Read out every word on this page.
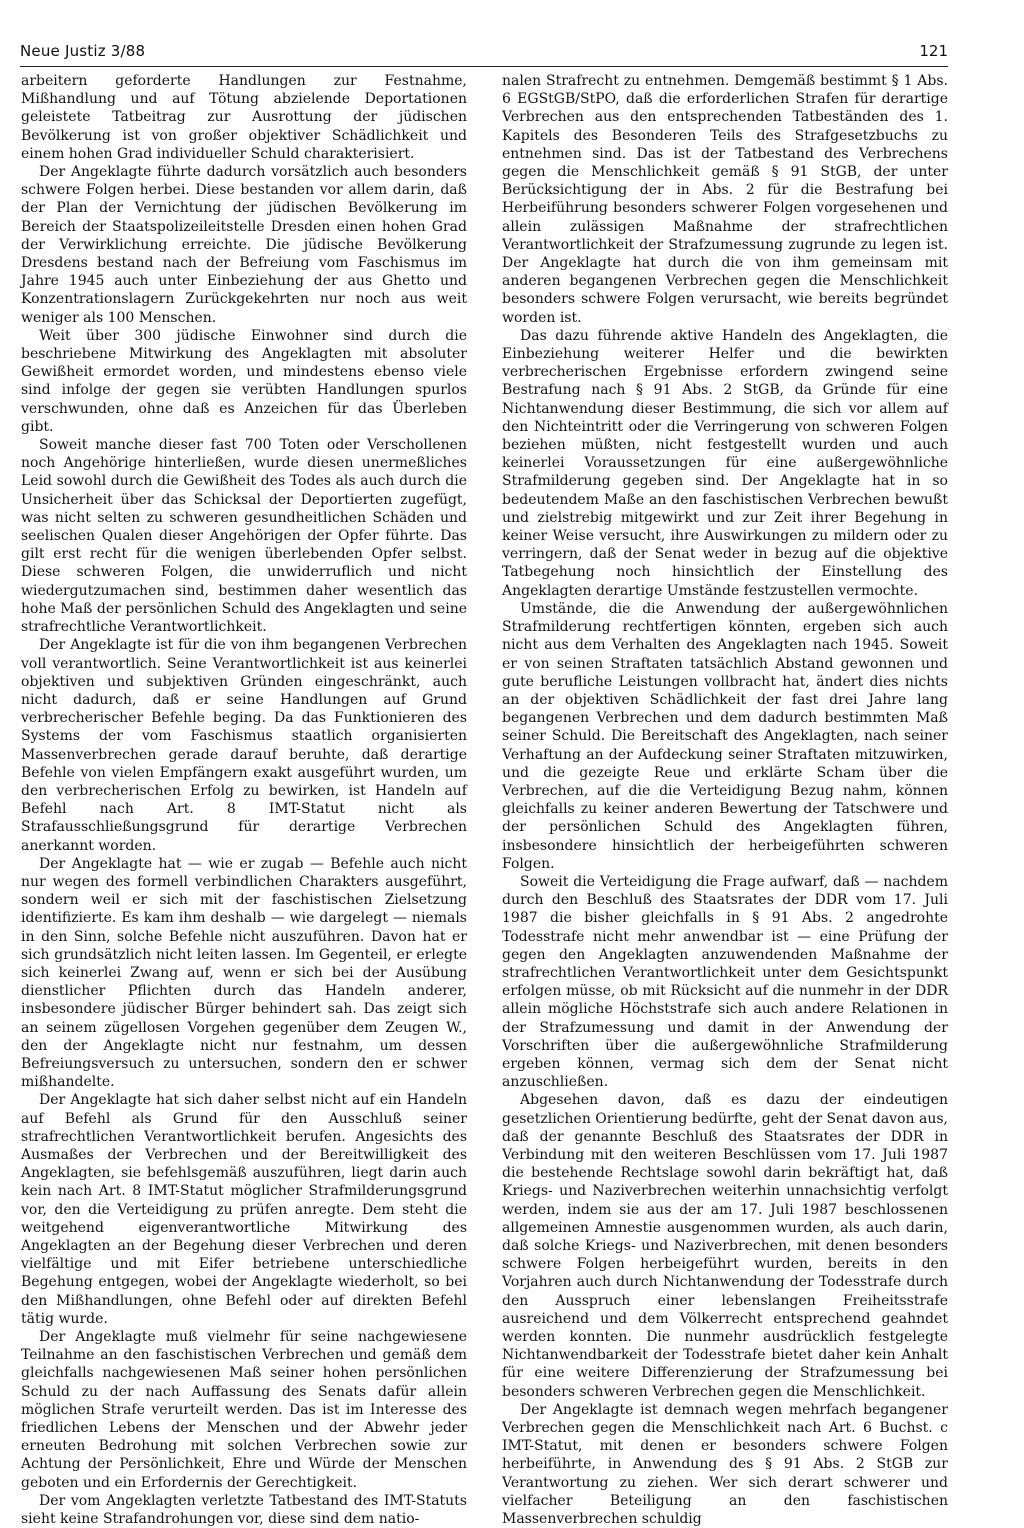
Neue Justiz 3/88	121

arbeitern geforderte Handlungen zur Festnahme, Mißhandlung und auf Tötung abzielende Deportationen geleistete Tatbeitrag zur Ausrottung der jüdischen Bevölkerung ist von großer objektiver Schädlichkeit und einem hohen Grad individueller Schuld charakterisiert.

Der Angeklagte führte dadurch vorsätzlich auch besonders schwere Folgen herbei. Diese bestanden vor allem darin, daß der Plan der Vernichtung der jüdischen Bevölkerung im Bereich der Staatspolizeileitstelle Dresden einen hohen Grad der Verwirklichung erreichte. Die jüdische Bevölkerung Dresdens bestand nach der Befreiung vom Faschismus im Jahre 1945 auch unter Einbeziehung der aus Ghetto und Konzentrationslagern Zurückgekehrten nur noch aus weit weniger als 100 Menschen.

Weit über 300 jüdische Einwohner sind durch die beschriebene Mitwirkung des Angeklagten mit absoluter Gewißheit ermordet worden, und mindestens ebenso viele sind infolge der gegen sie verübten Handlungen spurlos verschwunden, ohne daß es Anzeichen für das Überleben gibt.

Soweit manche dieser fast 700 Toten oder Verschollenen noch Angehörige hinterließen, wurde diesen unermeßliches Leid sowohl durch die Gewißheit des Todes als auch durch die Unsicherheit über das Schicksal der Deportierten zugefügt, was nicht selten zu schweren gesundheitlichen Schäden und seelischen Qualen dieser Angehörigen der Opfer führte. Das gilt erst recht für die wenigen überlebenden Opfer selbst. Diese schweren Folgen, die unwiderruflich und nicht wiedergutzumachen sind, bestimmen daher wesentlich das hohe Maß der persönlichen Schuld des Angeklagten und seine strafrechtliche Verantwortlichkeit.

Der Angeklagte ist für die von ihm begangenen Verbrechen voll verantwortlich. Seine Verantwortlichkeit ist aus keinerlei objektiven und subjektiven Gründen eingeschränkt, auch nicht dadurch, daß er seine Handlungen auf Grund verbrecherischer Befehle beging. Da das Funktionieren des Systems der vom Faschismus staatlich organisierten Massenverbrechen gerade darauf beruhte, daß derartige Befehle von vielen Empfängern exakt ausgeführt wurden, um den verbrecherischen Erfolg zu bewirken, ist Handeln auf Befehl nach Art. 8 IMT-Statut nicht als Strafausschließungsgrund für derartige Verbrechen anerkannt worden.

Der Angeklagte hat — wie er zugab — Befehle auch nicht nur wegen des formell verbindlichen Charakters ausgeführt, sondern weil er sich mit der faschistischen Zielsetzung identifizierte. Es kam ihm deshalb — wie dargelegt — niemals in den Sinn, solche Befehle nicht auszuführen. Davon hat er sich grundsätzlich nicht leiten lassen. Im Gegenteil, er erlegte sich keinerlei Zwang auf, wenn er sich bei der Ausübung dienstlicher Pflichten durch das Handeln anderer, insbesondere jüdischer Bürger behindert sah. Das zeigt sich an seinem zügellosen Vorgehen gegenüber dem Zeugen W., den der Angeklagte nicht nur festnahm, um dessen Befreiungsversuch zu untersuchen, sondern den er schwer mißhandelte.

Der Angeklagte hat sich daher selbst nicht auf ein Handeln auf Befehl als Grund für den Ausschluß seiner strafrechtlichen Verantwortlichkeit berufen. Angesichts des Ausmaßes der Verbrechen und der Bereitwilligkeit des Angeklagten, sie befehlsgemäß auszuführen, liegt darin auch kein nach Art. 8 IMT-Statut möglicher Strafmilderungsgrund vor, den die Verteidigung zu prüfen anregte. Dem steht die weitgehend eigenverantwortliche Mitwirkung des Angeklagten an der Begehung dieser Verbrechen und deren vielfältige und mit Eifer betriebene unterschiedliche Begehung entgegen, wobei der Angeklagte wiederholt, so bei den Mißhandlungen, ohne Befehl oder auf direkten Befehl tätig wurde.

Der Angeklagte muß vielmehr für seine nachgewiesene Teilnahme an den faschistischen Verbrechen und gemäß dem gleichfalls nachgewiesenen Maß seiner hohen persönlichen Schuld zu der nach Auffassung des Senats dafür allein möglichen Strafe verurteilt werden. Das ist im Interesse des friedlichen Lebens der Menschen und der Abwehr jeder erneuten Bedrohung mit solchen Verbrechen sowie zur Achtung der Persönlichkeit, Ehre und Würde der Menschen geboten und ein Erfordernis der Gerechtigkeit.

Der vom Angeklagten verletzte Tatbestand des IMT-Statuts sieht keine Strafandrohungen vor, diese sind dem natio-

nalen Strafrecht zu entnehmen. Demgemäß bestimmt § 1 Abs. 6 EGStGB/StPO, daß die erforderlichen Strafen für derartige Verbrechen aus den entsprechenden Tatbeständen des 1. Kapitels des Besonderen Teils des Strafgesetzbuchs zu entnehmen sind. Das ist der Tatbestand des Verbrechens gegen die Menschlichkeit gemäß § 91 StGB, der unter Berücksichtigung der in Abs. 2 für die Bestrafung bei Herbeiführung besonders schwerer Folgen vorgesehenen und allein zulässigen Maßnahme der strafrechtlichen Verantwortlichkeit der Strafzumessung zugrunde zu legen ist. Der Angeklagte hat durch die von ihm gemeinsam mit anderen begangenen Verbrechen gegen die Menschlichkeit besonders schwere Folgen verursacht, wie bereits begründet worden ist.

Das dazu führende aktive Handeln des Angeklagten, die Einbeziehung weiterer Helfer und die bewirkten verbrecherischen Ergebnisse erfordern zwingend seine Bestrafung nach § 91 Abs. 2 StGB, da Gründe für eine Nichtanwendung dieser Bestimmung, die sich vor allem auf den Nichteintritt oder die Verringerung von schweren Folgen beziehen müßten, nicht festgestellt wurden und auch keinerlei Voraussetzungen für eine außergewöhnliche Strafmilderung gegeben sind. Der Angeklagte hat in so bedeutendem Maße an den faschistischen Verbrechen bewußt und zielstrebig mitgewirkt und zur Zeit ihrer Begehung in keiner Weise versucht, ihre Auswirkungen zu mildern oder zu verringern, daß der Senat weder in bezug auf die objektive Tatbegehung noch hinsichtlich der Einstellung des Angeklagten derartige Umstände festzustellen vermochte.

Umstände, die die Anwendung der außergewöhnlichen Strafmilderung rechtfertigen könnten, ergeben sich auch nicht aus dem Verhalten des Angeklagten nach 1945. Soweit er von seinen Straftaten tatsächlich Abstand gewonnen und gute berufliche Leistungen vollbracht hat, ändert dies nichts an der objektiven Schädlichkeit der fast drei Jahre lang begangenen Verbrechen und dem dadurch bestimmten Maß seiner Schuld. Die Bereitschaft des Angeklagten, nach seiner Verhaftung an der Aufdeckung seiner Straftaten mitzuwirken, und die gezeigte Reue und erklärte Scham über die Verbrechen, auf die die Verteidigung Bezug nahm, können gleichfalls zu keiner anderen Bewertung der Tatschwere und der persönlichen Schuld des Angeklagten führen, insbesondere hinsichtlich der herbeigeführten schweren Folgen.

Soweit die Verteidigung die Frage aufwarf, daß — nachdem durch den Beschluß des Staatsrates der DDR vom 17. Juli 1987 die bisher gleichfalls in § 91 Abs. 2 angedrohte Todesstrafe nicht mehr anwendbar ist — eine Prüfung der gegen den Angeklagten anzuwendenden Maßnahme der strafrechtlichen Verantwortlichkeit unter dem Gesichtspunkt erfolgen müsse, ob mit Rücksicht auf die nunmehr in der DDR allein mögliche Höchststrafe sich auch andere Relationen in der Strafzumessung und damit in der Anwendung der Vorschriften über die außergewöhnliche Strafmilderung ergeben können, vermag sich dem der Senat nicht anzuschließen.

Abgesehen davon, daß es dazu der eindeutigen gesetzlichen Orientierung bedürfte, geht der Senat davon aus, daß der genannte Beschluß des Staatsrates der DDR in Verbindung mit den weiteren Beschlüssen vom 17. Juli 1987 die bestehende Rechtslage sowohl darin bekräftigt hat, daß Kriegs- und Naziverbrechen weiterhin unnachsichtig verfolgt werden, indem sie aus der am 17. Juli 1987 beschlossenen allgemeinen Amnestie ausgenommen wurden, als auch darin, daß solche Kriegs- und Naziverbrechen, mit denen besonders schwere Folgen herbeigeführt wurden, bereits in den Vorjahren auch durch Nichtanwendung der Todesstrafe durch den Ausspruch einer lebenslangen Freiheitsstrafe ausreichend und dem Völkerrecht entsprechend geahndet werden konnten. Die nunmehr ausdrücklich festgelegte Nichtanwendbarkeit der Todesstrafe bietet daher kein Anhalt für eine weitere Differenzierung der Strafzumessung bei besonders schweren Verbrechen gegen die Menschlichkeit.

Der Angeklagte ist demnach wegen mehrfach begangener Verbrechen gegen die Menschlichkeit nach Art. 6 Buchst. c IMT-Statut, mit denen er besonders schwere Folgen herbeiführte, in Anwendung des § 91 Abs. 2 StGB zur Verantwortung zu ziehen. Wer sich derart schwerer und vielfacher Beteiligung an den faschistischen Massenverbrechen schuldig
